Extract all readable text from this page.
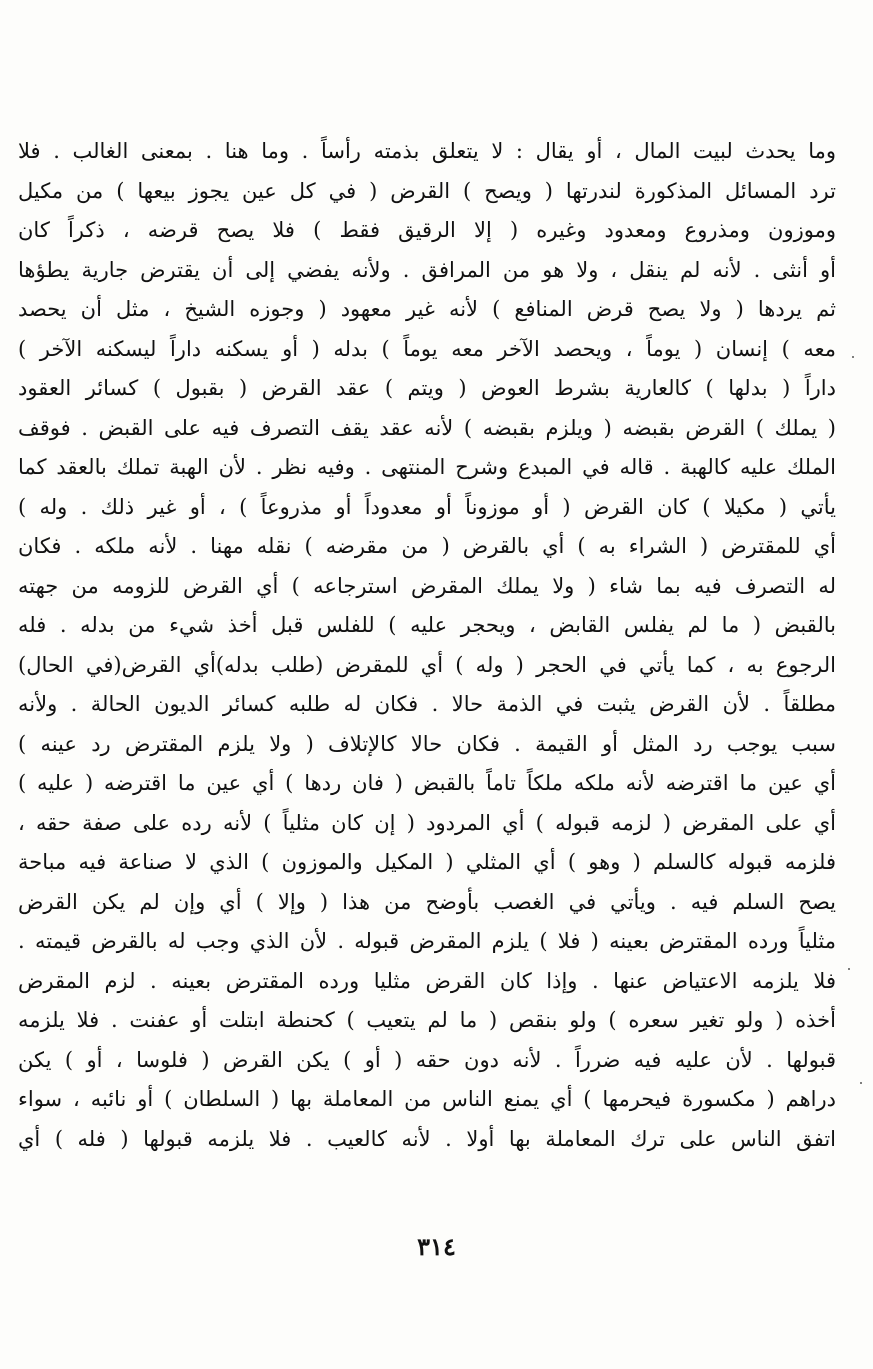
وما يحدث لبيت المال ، أو يقال : لا يتعلق بذمته رأساً . وما هنا . بمعنى الغالب . فلا
ترد المسائل المذكورة لندرتها ( ويصح ) القرض ( في كل عين يجوز بيعها ) من مكيل
وموزون ومذروع ومعدود وغيره ( إلا الرقيق فقط ) فلا يصح قرضه ، ذكراً كان
أو أنثى . لأنه لم ينقل ، ولا هو من المرافق . ولأنه يفضي إلى أن يقترض جارية يطؤها
ثم يردها ( ولا يصح قرض المنافع ) لأنه غير معهود ( وجوزه الشيخ ، مثل أن يحصد
معه ) إنسان ( يوماً ، ويحصد الآخر معه يوماً ) بدله ( أو يسكنه داراً ليسكنه الآخر )
داراً ( بدلها ) كالعارية بشرط العوض ( ويتم ) عقد القرض ( بقبول ) كسائر العقود
( يملك ) القرض بقبضه ( ويلزم بقبضه ) لأنه عقد يقف التصرف فيه على القبض . فوقف
الملك عليه كالهبة . قاله في المبدع وشرح المنتهى . وفيه نظر . لأن الهبة تملك بالعقد كما
يأتي ( مكيلا ) كان القرض ( أو موزوناً أو معدوداً أو مذروعاً ) ، أو غير ذلك . وله )
أي للمقترض ( الشراء به ) أي بالقرض ( من مقرضه ) نقله مهنا . لأنه ملكه . فكان
له التصرف فيه بما شاء ( ولا يملك المقرض استرجاعه ) أي القرض للزومه من جهته
بالقبض ( ما لم يفلس القابض ، ويحجر عليه ) للفلس قبل أخذ شيء من بدله . فله
الرجوع به ، كما يأتي في الحجر ( وله ) أي للمقرض (طلب بدله)أي القرض(في الحال)
مطلقاً . لأن القرض يثبت في الذمة حالا . فكان له طلبه كسائر الديون الحالة . ولأنه
سبب يوجب رد المثل أو القيمة . فكان حالا كالإتلاف ( ولا يلزم المقترض رد عينه )
أي عين ما اقترضه لأنه ملكه ملكاً تاماً بالقبض ( فان ردها ) أي عين ما اقترضه ( عليه )
أي على المقرض ( لزمه قبوله ) أي المردود ( إن كان مثلياً ) لأنه رده على صفة حقه ،
فلزمه قبوله كالسلم ( وهو ) أي المثلي ( المكيل والموزون ) الذي لا صناعة فيه مباحة
يصح السلم فيه . ويأتي في الغصب بأوضح من هذا ( وإلا ) أي وإن لم يكن القرض
مثلياً ورده المقترض بعينه ( فلا ) يلزم المقرض قبوله . لأن الذي وجب له بالقرض قيمته .
فلا يلزمه الاعتياض عنها . وإذا كان القرض مثليا ورده المقترض بعينه . لزم المقرض
أخذه ( ولو تغير سعره ) ولو بنقص ( ما لم يتعيب ) كحنطة ابتلت أو عفنت . فلا يلزمه
قبولها . لأن عليه فيه ضرراً . لأنه دون حقه ( أو ) يكن القرض ( فلوسا ، أو ) يكن
دراهم ( مكسورة فيحرمها ) أي يمنع الناس من المعاملة بها ( السلطان ) أو نائبه ، سواء
اتفق الناس على ترك المعاملة بها أولا . لأنه كالعيب . فلا يلزمه قبولها ( فله ) أي
٣١٤
